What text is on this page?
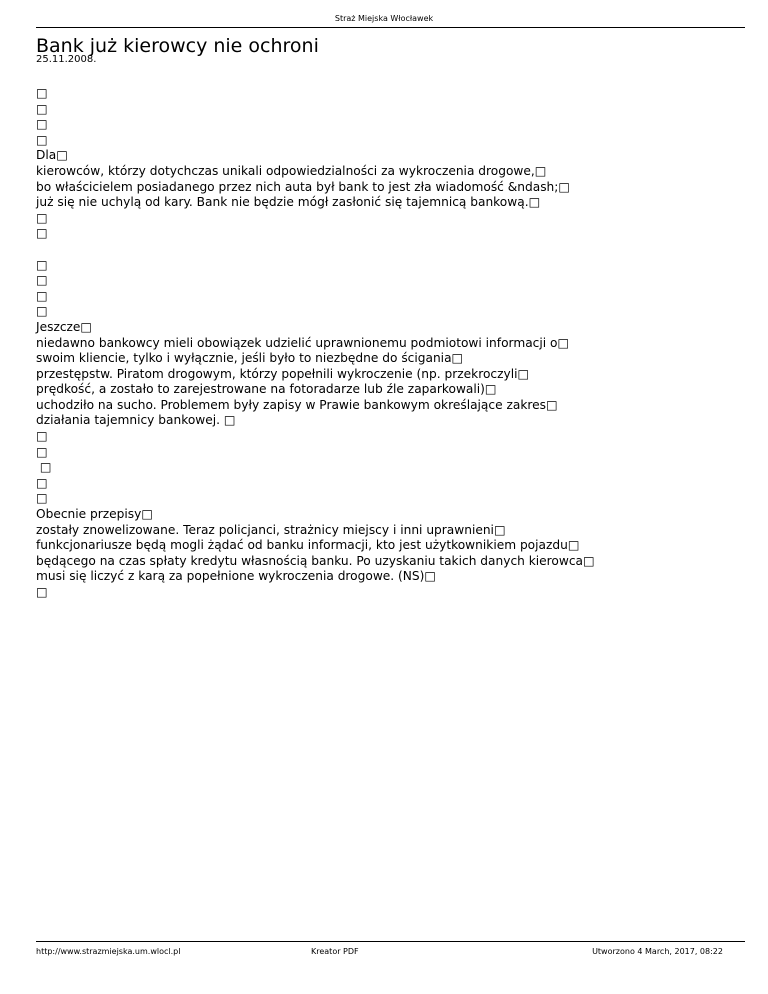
Straż Miejska Włocławek
Bank już kierowcy nie ochroni
25.11.2008.
□
□
□
□
Dla□
kierowców, którzy dotychczas unikali odpowiedzialności za wykroczenia drogowe,□
bo właścicielem posiadanego przez nich auta był bank to jest zła wiadomość &ndash;□
już się nie uchylą od kary. Bank nie będzie mógł zasłonić się tajemnicą bankową.□
□
□
□
□
□
□
Jeszcze□
niedawno bankowcy mieli obowiązek udzielić uprawnionemu podmiotowi informacji o□
swoim kliencie, tylko i wyłącznie, jeśli było to niezbędne do ścigania□
przestępstw. Piratom drogowym, którzy popełnili wykroczenie (np. przekroczyli□
prędkość, a zostało to zarejestrowane na fotoradarze lub źle zaparkowali)□
uchodziło na sucho. Problemem były zapisy w Prawie bankowym określające zakres□
działania tajemnicy bankowej. □
□
□
□
□
□
Obecnie przepisy□
zostały znowelizowane. Teraz policjanci, strażnicy miejscy i inni uprawnieni□
funkcjonariusze będą mogli żądać od banku informacji, kto jest użytkownikiem pojazdu□
będącego na czas spłaty kredytu własnością banku. Po uzyskaniu takich danych kierowca□
musi się liczyć z karą za popełnione wykroczenia drogowe. (NS)□
□
http://www.strazmiejska.um.wlocl.pl	Kreator PDF	Utworzono 4 March, 2017, 08:22
